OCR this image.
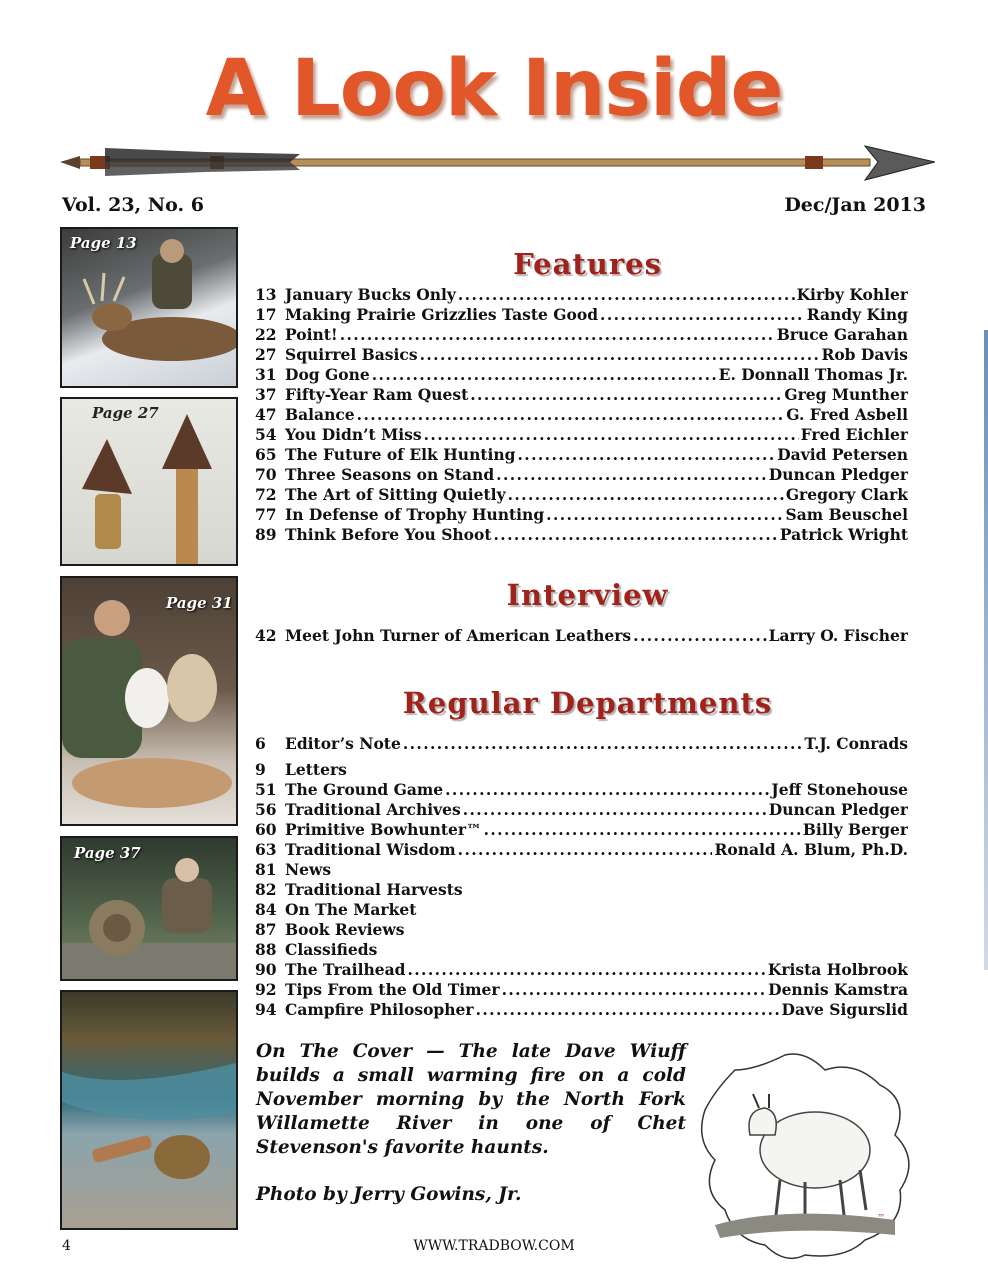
A Look Inside
Vol. 23, No. 6	Dec/Jan 2013
Page 13
Page 27
Page 31
Page 37
Features
13 January Bucks Only . . .	Kirby Kohler
17 Making Prairie Grizzlies Taste Good . . .	Randy King
22 Point! . . .	Bruce Garahan
27 Squirrel Basics . . .	Rob Davis
31 Dog Gone . . .	E. Donnall Thomas Jr.
37 Fifty-Year Ram Quest . . .	Greg Munther
47 Balance . . .	G. Fred Asbell
54 You Didn’t Miss . . .	Fred Eichler
65 The Future of Elk Hunting . . .	David Petersen
70 Three Seasons on Stand . . .	Duncan Pledger
72 The Art of Sitting Quietly . . .	Gregory Clark
77 In Defense of Trophy Hunting . . .	Sam Beuschel
89 Think Before You Shoot . . .	Patrick Wright
Interview
42 Meet John Turner of American Leathers . . .	Larry O. Fischer
Regular Departments
6	Editor’s Note . . .	T.J. Conrads
9	Letters
51 The Ground Game . . .	Jeff Stonehouse
56 Traditional Archives . . .	Duncan Pledger
60 Primitive Bowhunter™ . . .	Billy Berger
63 Traditional Wisdom . . .	Ronald A. Blum, Ph.D.
81 News
82 Traditional Harvests
84 On The Market
87 Book Reviews
88 Classifieds
90 The Trailhead . . .	Krista Holbrook
92 Tips From the Old Timer . . .	Dennis Kamstra
94 Campfire Philosopher . . .	Dave Sigurslid
On The Cover — The late Dave Wiuff builds a small warming fire on a cold November morning by the North Fork Willamette River in one of Chet Stevenson's favorite haunts.
Photo by Jerry Gowins, Jr.
™
4	WWW.TRADBOW.COM
